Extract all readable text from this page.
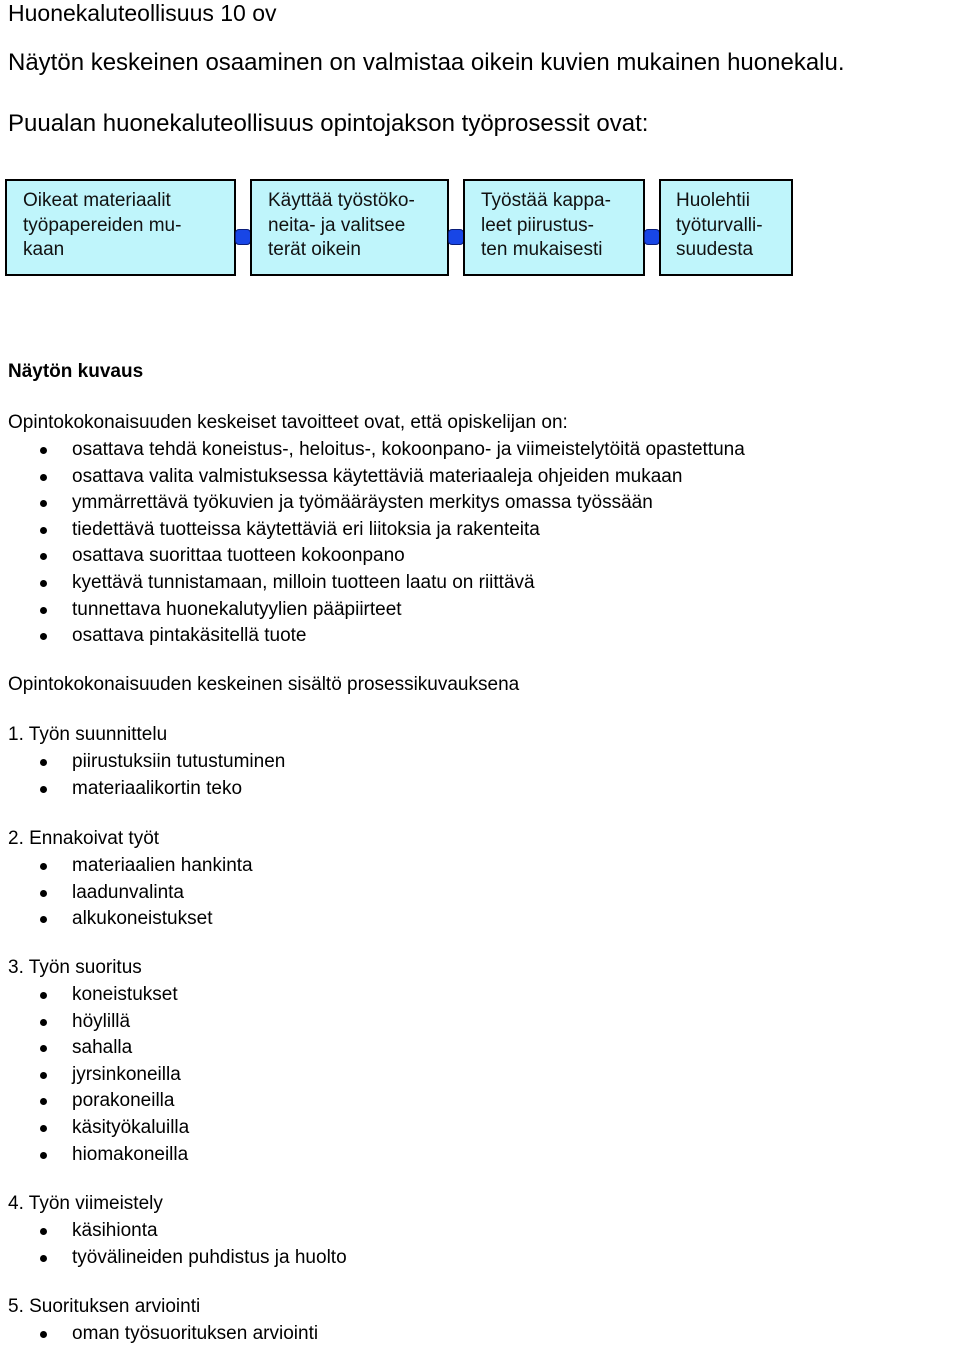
Huonekaluteollisuus 10 ov
Näytön keskeinen osaaminen on valmistaa oikein kuvien mukainen huonekalu.
Puualan huonekaluteollisuus opintojakson työprosessit ovat:
Oikeat materiaalit
työpapereiden mu-
kaan
Käyttää työstöko-
neita- ja valitsee
terät oikein
Työstää kappa-
leet piirustus-
ten mukaisesti
Huolehtii
työturvalli-
suudesta
Näytön kuvaus
Opintokokonaisuuden keskeiset tavoitteet ovat, että opiskelijan on:
osattava tehdä koneistus-, heloitus-, kokoonpano- ja viimeistelytöitä opastettuna
osattava valita valmistuksessa käytettäviä materiaaleja ohjeiden mukaan
ymmärrettävä työkuvien ja työmääräysten merkitys omassa työssään
tiedettävä tuotteissa käytettäviä eri liitoksia ja rakenteita
osattava suorittaa tuotteen kokoonpano
kyettävä tunnistamaan, milloin tuotteen laatu on riittävä
tunnettava huonekalutyylien pääpiirteet
osattava pintakäsitellä tuote
Opintokokonaisuuden keskeinen sisältö prosessikuvauksena
1. Työn suunnittelu
piirustuksiin tutustuminen
materiaalikortin teko
2. Ennakoivat työt
materiaalien hankinta
laadunvalinta
alkukoneistukset
3. Työn suoritus
koneistukset
höylillä
sahalla
jyrsinkoneilla
porakoneilla
käsityökaluilla
hiomakoneilla
4. Työn viimeistely
käsihionta
työvälineiden puhdistus ja huolto
5. Suorituksen arviointi
oman työsuorituksen arviointi
